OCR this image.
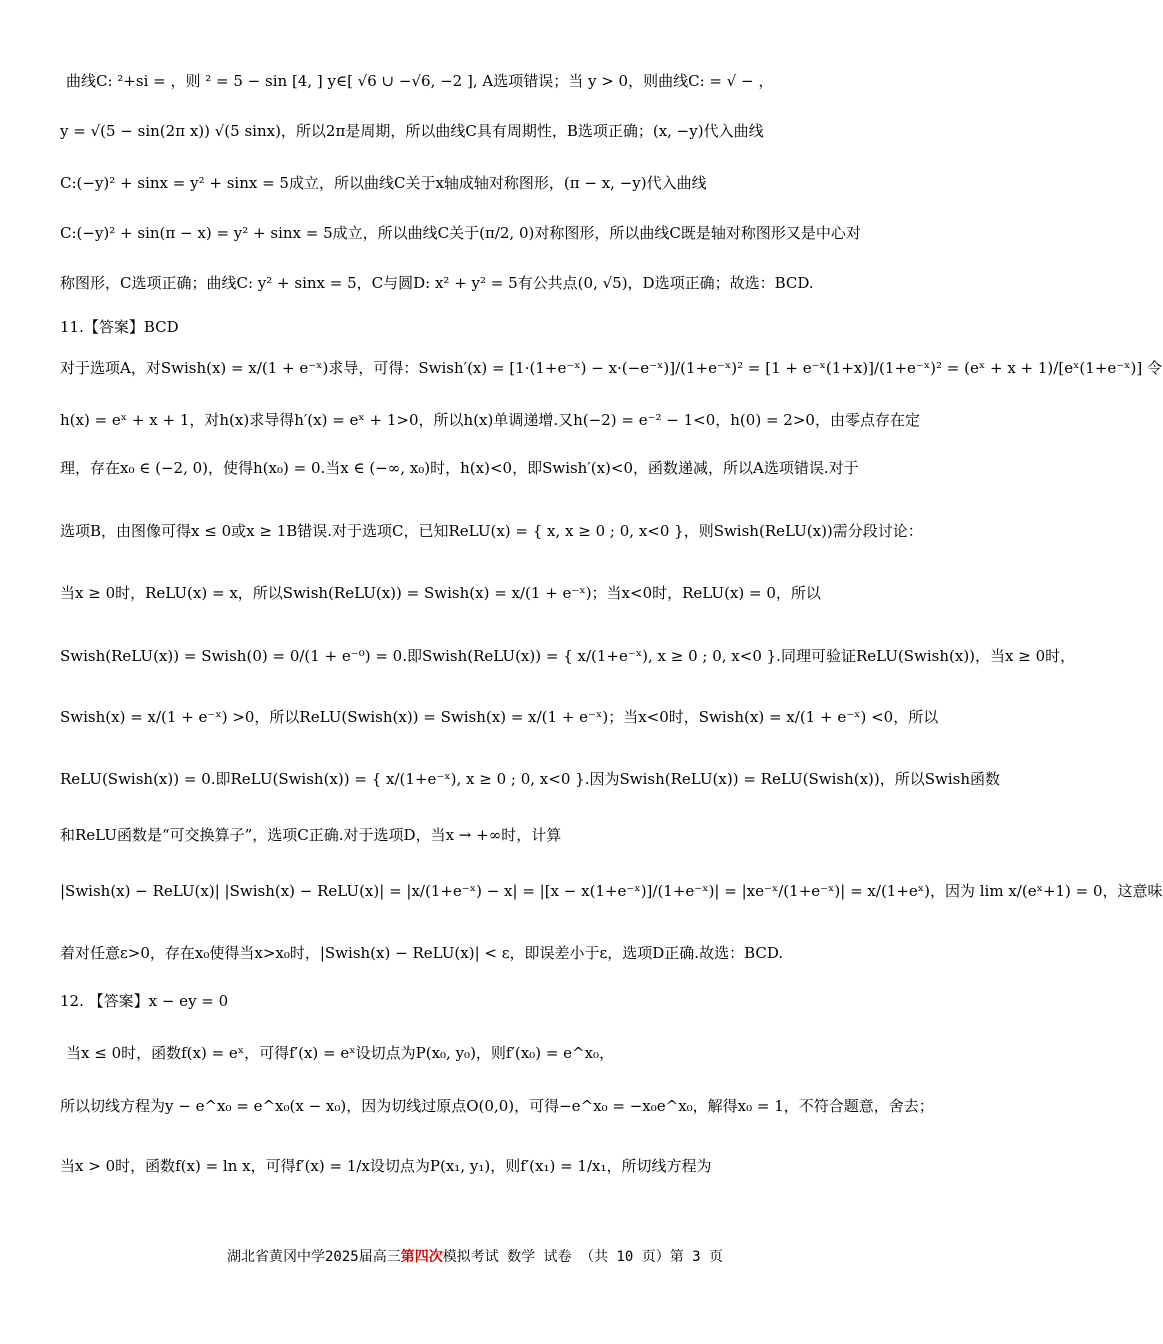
曲线C: ²+si = ，则 ² = 5 − sin [4, ] y∈[ √6 ∪ −√6, −2 ], A选项错误；当 y > 0，则曲线C: = √ − ，
y = √(5 − sin(2π x)) √(5 sinx)，所以2π是周期，所以曲线C具有周期性，B选项正确；(x, −y)代入曲线
C:(−y)² + sinx = y² + sinx = 5成立，所以曲线C关于x轴成轴对称图形，(π − x, −y)代入曲线
C:(−y)² + sin(π − x) = y² + sinx = 5成立，所以曲线C关于(π/2, 0)对称图形，所以曲线C既是轴对称图形又是中心对
称图形，C选项正确；曲线C: y² + sinx = 5，C与圆D: x² + y² = 5有公共点(0, √5)，D选项正确；故选：BCD.
11.【答案】BCD
对于选项A，对Swish(x) = x/(1 + e⁻ˣ)求导，可得：Swish′(x) = [1·(1+e⁻ˣ) − x·(−e⁻ˣ)]/(1+e⁻ˣ)² = [1 + e⁻ˣ(1+x)]/(1+e⁻ˣ)² = (eˣ + x + 1)/[eˣ(1+e⁻ˣ)] 令
h(x) = eˣ + x + 1，对h(x)求导得h′(x) = eˣ + 1>0，所以h(x)单调递增.又h(−2) = e⁻² − 1<0，h(0) = 2>0，由零点存在定
理，存在x₀ ∈ (−2, 0)，使得h(x₀) = 0.当x ∈ (−∞, x₀)时，h(x)<0，即Swish′(x)<0，函数递减，所以A选项错误.对于
选项B，由图像可得x ≤ 0或x ≥ 1B错误.对于选项C，已知ReLU(x) = { x, x ≥ 0 ; 0, x<0 }，则Swish(ReLU(x))需分段讨论：
当x ≥ 0时，ReLU(x) = x，所以Swish(ReLU(x)) = Swish(x) = x/(1 + e⁻ˣ)；当x<0时，ReLU(x) = 0，所以
Swish(ReLU(x)) = Swish(0) = 0/(1 + e⁻⁰) = 0.即Swish(ReLU(x)) = { x/(1+e⁻ˣ), x ≥ 0 ; 0, x<0 }.同理可验证ReLU(Swish(x))，当x ≥ 0时，
Swish(x) = x/(1 + e⁻ˣ) >0，所以ReLU(Swish(x)) = Swish(x) = x/(1 + e⁻ˣ)；当x<0时，Swish(x) = x/(1 + e⁻ˣ) <0，所以
ReLU(Swish(x)) = 0.即ReLU(Swish(x)) = { x/(1+e⁻ˣ), x ≥ 0 ; 0, x<0 }.因为Swish(ReLU(x)) = ReLU(Swish(x))，所以Swish函数
和ReLU函数是“可交换算子”，选项C正确.对于选项D，当x → +∞时，计算
|Swish(x) − ReLU(x)| |Swish(x) − ReLU(x)| = |x/(1+e⁻ˣ) − x| = |[x − x(1+e⁻ˣ)]/(1+e⁻ˣ)| = |xe⁻ˣ/(1+e⁻ˣ)| = x/(1+eˣ)，因为 lim x/(eˣ+1) = 0，这意味
着对任意ε>0，存在x₀使得当x>x₀时，|Swish(x) − ReLU(x)| < ε，即误差小于ε，选项D正确.故选：BCD.
12. 【答案】x − ey = 0
当x ≤ 0时，函数f(x) = eˣ，可得f′(x) = eˣ设切点为P(x₀, y₀)，则f′(x₀) = e^x₀，
所以切线方程为y − e^x₀ = e^x₀(x − x₀)，因为切线过原点O(0,0)，可得−e^x₀ = −x₀e^x₀，解得x₀ = 1，不符合题意，舍去；
当x > 0时，函数f(x) = ln x，可得f′(x) = 1/x设切点为P(x₁, y₁)，则f′(x₁) = 1/x₁，所切线方程为
湖北省黄冈中学2025届高三第四次模拟考试 数学 试卷 （共 10 页）第 3 页
